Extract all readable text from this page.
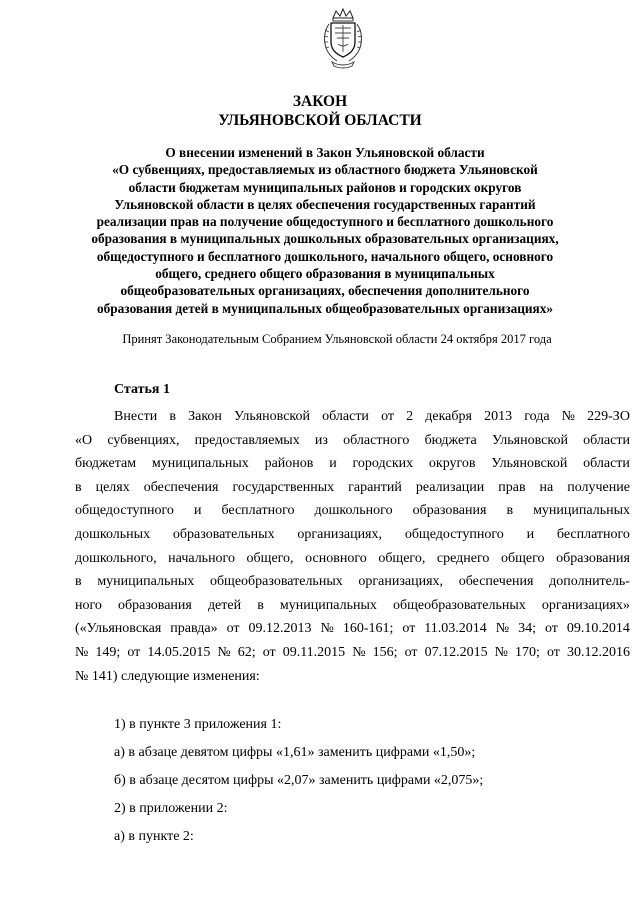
ЗАКОН
УЛЬЯНОВСКОЙ ОБЛАСТИ
О внесении изменений в Закон Ульяновской области
«О субвенциях, предоставляемых из областного бюджета Ульяновской
области бюджетам муниципальных районов и городских округов
Ульяновской области в целях обеспечения государственных гарантий
реализации прав на получение общедоступного и бесплатного дошкольного
образования в муниципальных дошкольных образовательных организациях,
общедоступного и бесплатного дошкольного, начального общего, основного
общего, среднего общего образования в муниципальных
общеобразовательных организациях, обеспечения дополнительного
образования детей в муниципальных общеобразовательных организациях»
Принят Законодательным Собранием Ульяновской области 24 октября 2017 года
Статья 1
Внести в Закон Ульяновской области от 2 декабря 2013 года № 229-ЗО
«О субвенциях, предоставляемых из областного бюджета Ульяновской области
бюджетам муниципальных районов и городских округов Ульяновской области
в целях обеспечения государственных гарантий реализации прав на получение
общедоступного и бесплатного дошкольного образования в муниципальных
дошкольных образовательных организациях, общедоступного и бесплатного
дошкольного, начального общего, основного общего, среднего общего образования
в муниципальных общеобразовательных организациях, обеспечения дополнитель-
ного образования детей в муниципальных общеобразовательных организациях»
(«Ульяновская правда» от 09.12.2013 № 160-161; от 11.03.2014 № 34; от 09.10.2014
№ 149; от 14.05.2015 № 62; от 09.11.2015 № 156; от 07.12.2015 № 170; от 30.12.2016
№ 141) следующие изменения:
1) в пункте 3 приложения 1:
а) в абзаце девятом цифры «1,61» заменить цифрами «1,50»;
б) в абзаце десятом цифры «2,07» заменить цифрами «2,075»;
2) в приложении 2:
а) в пункте 2:
